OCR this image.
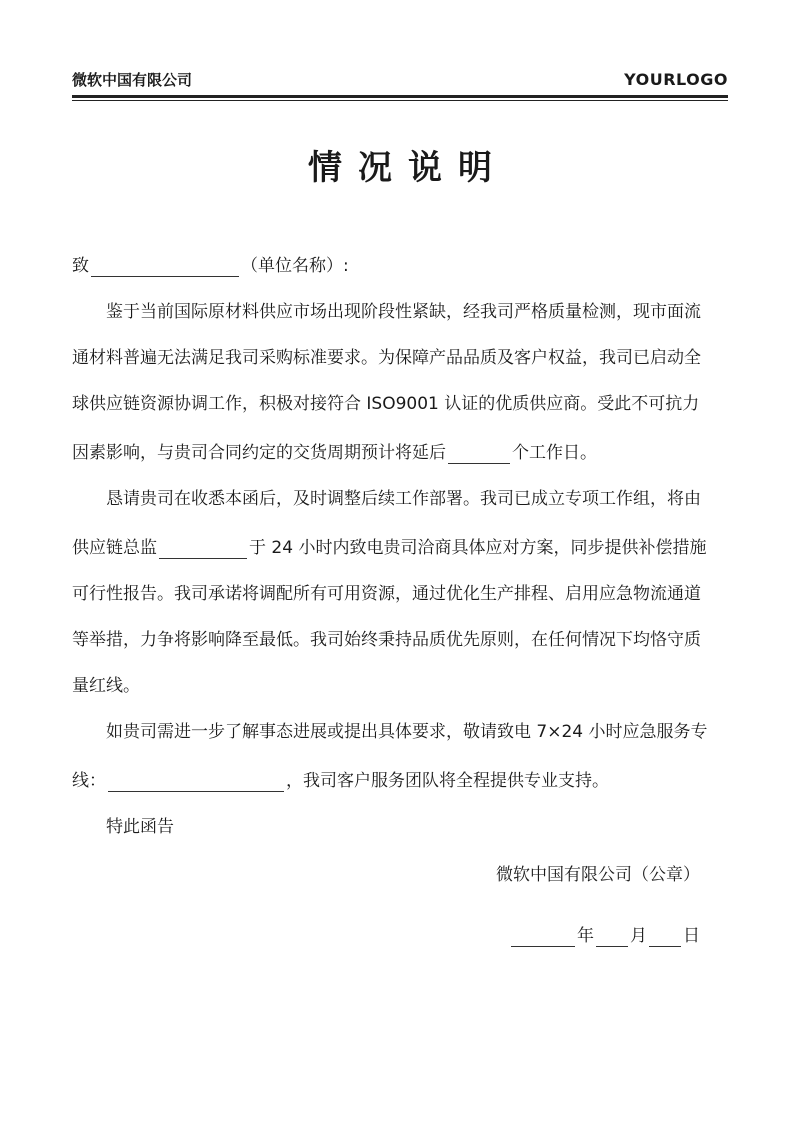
微软中国有限公司	YOURLOGO
情况说明

致	（单位名称）:

鉴于当前国际原材料供应市场出现阶段性紧缺，经我司严格质量检测，现市面流通材料普遍无法满足我司采购标准要求。为保障产品品质及客户权益，我司已启动全球供应链资源协调工作，积极对接符合 ISO9001 认证的优质供应商。受此不可抗力因素影响，与贵司合同约定的交货周期预计将延后	个工作日。

恳请贵司在收悉本函后，及时调整后续工作部署。我司已成立专项工作组，将由供应链总监	于 24 小时内致电贵司洽商具体应对方案，同步提供补偿措施可行性报告。我司承诺将调配所有可用资源，通过优化生产排程、启用应急物流通道等举措，力争将影响降至最低。我司始终秉持品质优先原则，在任何情况下均恪守质量红线。

如贵司需进一步了解事态进展或提出具体要求，敬请致电 7×24 小时应急服务专线：	，我司客户服务团队将全程提供专业支持。

特此函告

微软中国有限公司（公章）

年 月 日
